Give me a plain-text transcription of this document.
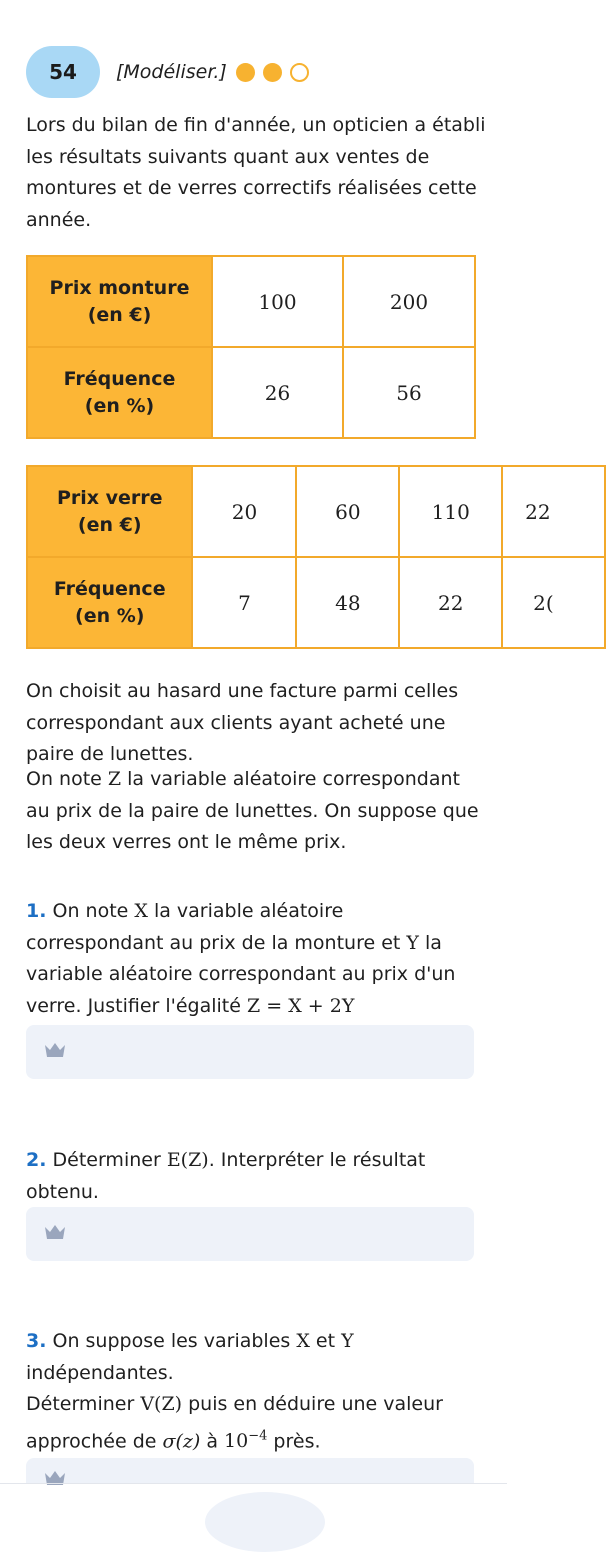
54	[Modéliser.]

Lors du bilan de fin d'année, un opticien a établi les résultats suivants quant aux ventes de montures et de verres correctifs réalisées cette année.

Prix monture (en €)	100	200
Fréquence (en %)	26	56
Prix verre (en €)	20	60	110	22
Fréquence (en %)	7	48	22	2(

On choisit au hasard une facture parmi celles correspondant aux clients ayant acheté une paire de lunettes.

On note Z la variable aléatoire correspondant au prix de la paire de lunettes. On suppose que les deux verres ont le même prix.

1. On note X la variable aléatoire correspondant au prix de la monture et Y la variable aléatoire correspondant au prix d'un verre. Justifier l'égalité Z = X + 2Y

2. Déterminer E(Z). Interpréter le résultat obtenu.

3. On suppose les variables X et Y indépendantes.
Déterminer V(Z) puis en déduire une valeur approchée de σ(z) à $10^{-4}$ près.
